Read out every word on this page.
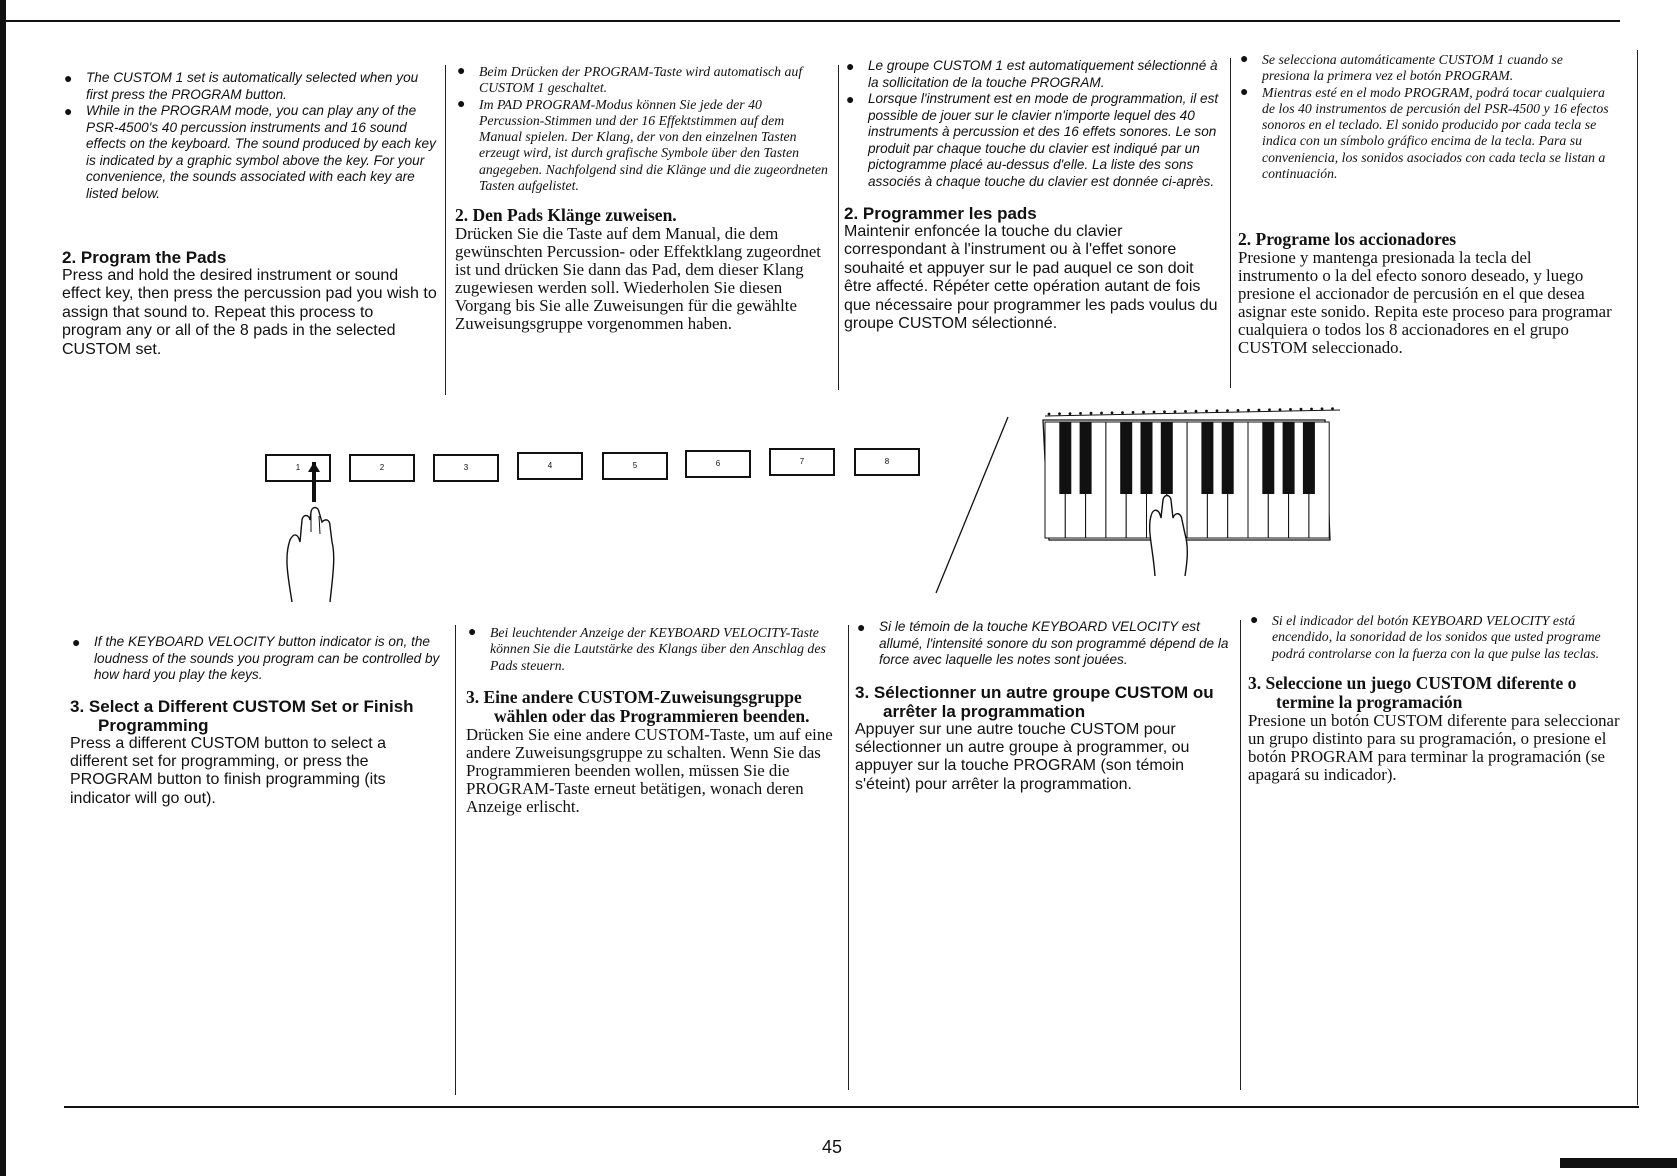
● The CUSTOM 1 set is automatically selected when you first press the PROGRAM button.
● While in the PROGRAM mode, you can play any of the PSR-4500's 40 percussion instruments and 16 sound effects on the keyboard. The sound produced by each key is indicated by a graphic symbol above the key. For your convenience, the sounds associated with each key are listed below.
2. Program the Pads

Press and hold the desired instrument or sound effect key, then press the percussion pad you wish to assign that sound to. Repeat this process to program any or all of the 8 pads in the selected CUSTOM set.

● Beim Drücken der PROGRAM-Taste wird automatisch auf CUSTOM 1 geschaltet.
● Im PAD PROGRAM-Modus können Sie jede der 40 Percussion-Stimmen und der 16 Effektstimmen auf dem Manual spielen. Der Klang, der von den einzelnen Tasten erzeugt wird, ist durch grafische Symbole über den Tasten angegeben. Nachfolgend sind die Klänge und die zugeordneten Tasten aufgelistet.
2. Den Pads Klänge zuweisen.

Drücken Sie die Taste auf dem Manual, die dem gewünschten Percussion- oder Effektklang zugeordnet ist und drücken Sie dann das Pad, dem dieser Klang zugewiesen werden soll. Wiederholen Sie diesen Vorgang bis Sie alle Zuweisungen für die gewählte Zuweisungsgruppe vorgenommen haben.

● Le groupe CUSTOM 1 est automatiquement sélectionné à la sollicitation de la touche PROGRAM.
● Lorsque l'instrument est en mode de programmation, il est possible de jouer sur le clavier n'importe lequel des 40 instruments à percussion et des 16 effets sonores. Le son produit par chaque touche du clavier est indiqué par un pictogramme placé au-dessus d'elle. La liste des sons associés à chaque touche du clavier est donnée ci-après.
2. Programmer les pads

Maintenir enfoncée la touche du clavier correspondant à l'instrument ou à l'effet sonore souhaité et appuyer sur le pad auquel ce son doit être affecté. Répéter cette opération autant de fois que nécessaire pour programmer les pads voulus du groupe CUSTOM sélectionné.

● Se selecciona automáticamente CUSTOM 1 cuando se presiona la primera vez el botón PROGRAM.
● Mientras esté en el modo PROGRAM, podrá tocar cualquiera de los 40 instrumentos de percusión del PSR-4500 y 16 efectos sonoros en el teclado. El sonido producido por cada tecla se indica con un símbolo gráfico encima de la tecla. Para su conveniencia, los sonidos asociados con cada tecla se listan a continuación.
2. Programe los accionadores

Presione y mantenga presionada la tecla del instrumento o la del efecto sonoro deseado, y luego presione el accionador de percusión en el que desea asignar este sonido. Repita este proceso para programar cualquiera o todos los 8 accionadores en el grupo CUSTOM seleccionado.

1	2	3	4	5	6	7	8
● If the KEYBOARD VELOCITY button indicator is on, the loudness of the sounds you program can be controlled by how hard you play the keys.
3. Select a Different CUSTOM Set or Finish Programming

Press a different CUSTOM button to select a different set for programming, or press the PROGRAM button to finish programming (its indicator will go out).

● Bei leuchtender Anzeige der KEYBOARD VELOCITY-Taste können Sie die Lautstärke des Klangs über den Anschlag des Pads steuern.
3. Eine andere CUSTOM-Zuweisungsgruppe wählen oder das Programmieren beenden.

Drücken Sie eine andere CUSTOM-Taste, um auf eine andere Zuweisungsgruppe zu schalten. Wenn Sie das Programmieren beenden wollen, müssen Sie die PROGRAM-Taste erneut betätigen, wonach deren Anzeige erlischt.

● Si le témoin de la touche KEYBOARD VELOCITY est allumé, l'intensité sonore du son programmé dépend de la force avec laquelle les notes sont jouées.
3. Sélectionner un autre groupe CUSTOM ou arrêter la programmation

Appuyer sur une autre touche CUSTOM pour sélectionner un autre groupe à programmer, ou appuyer sur la touche PROGRAM (son témoin s'éteint) pour arrêter la programmation.

● Si el indicador del botón KEYBOARD VELOCITY está encendido, la sonoridad de los sonidos que usted programe podrá controlarse con la fuerza con la que pulse las teclas.
3. Seleccione un juego CUSTOM diferente o termine la programación

Presione un botón CUSTOM diferente para seleccionar un grupo distinto para su programación, o presione el botón PROGRAM para terminar la programación (se apagará su indicador).

45
